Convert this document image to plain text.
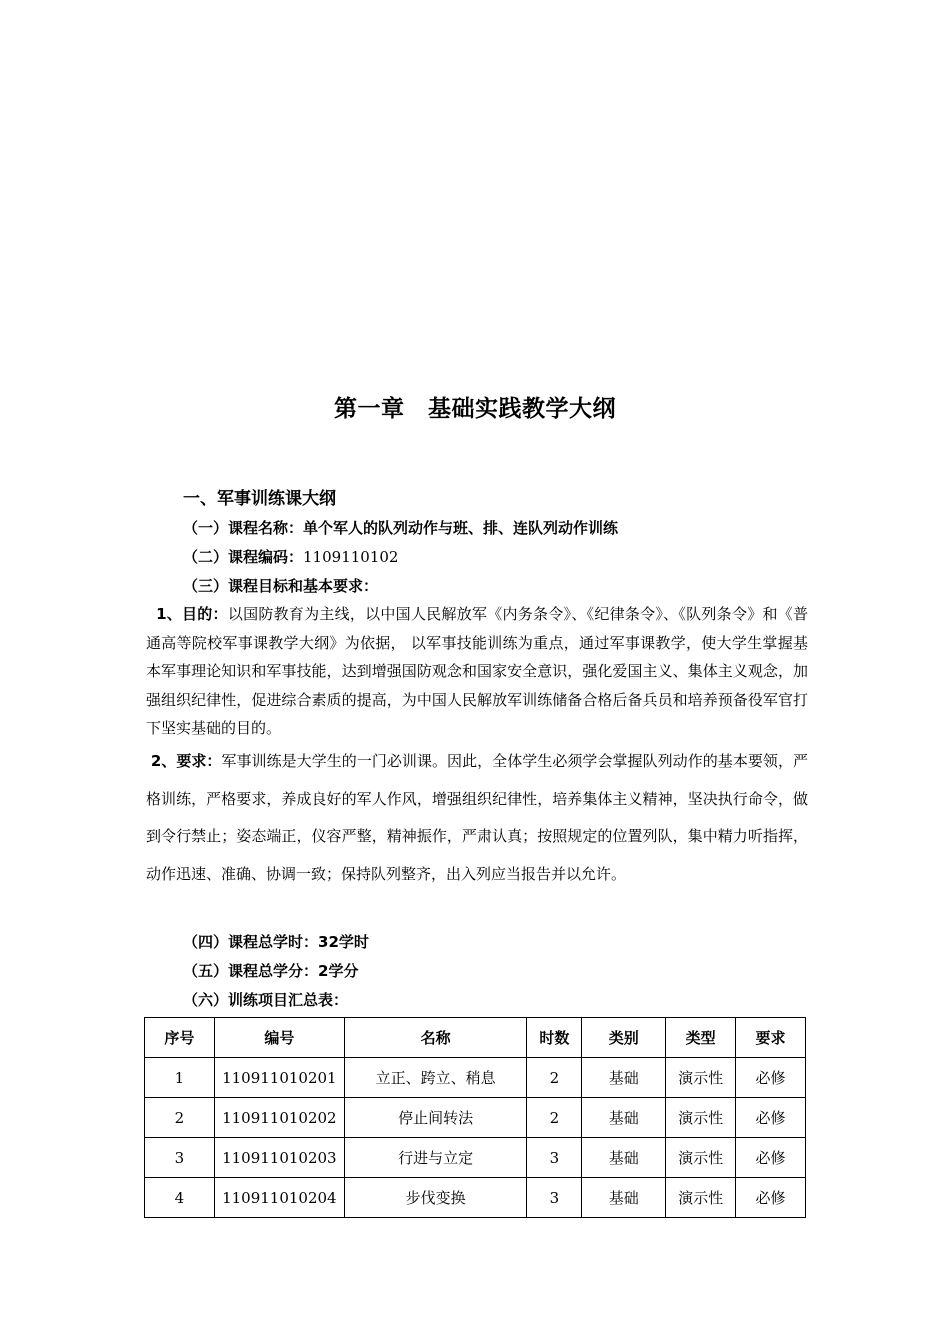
第一章　基础实践教学大纲
一、军事训练课大纲
（一）课程名称：单个军人的队列动作与班、排、连队列动作训练
（二）课程编码：1109110102
（三）课程目标和基本要求：
1、目的：以国防教育为主线，以中国人民解放军《内务条令》、《纪律条令》、《队列条令》和《普通高等院校军事课教学大纲》为依据， 以军事技能训练为重点，通过军事课教学，使大学生掌握基本军事理论知识和军事技能，达到增强国防观念和国家安全意识，强化爱国主义、集体主义观念，加强组织纪律性，促进综合素质的提高，为中国人民解放军训练储备合格后备兵员和培养预备役军官打下坚实基础的目的。
2、要求：军事训练是大学生的一门必训课。因此，全体学生必须学会掌握队列动作的基本要领，严格训练，严格要求，养成良好的军人作风，增强组织纪律性，培养集体主义精神，坚决执行命令，做到令行禁止；姿态端正，仪容严整，精神振作，严肃认真；按照规定的位置列队，集中精力听指挥，动作迅速、准确、协调一致；保持队列整齐，出入列应当报告并以允许。
（四）课程总学时：32学时
（五）课程总学分：2学分
（六）训练项目汇总表：
序号	编号	名称	时数	类别	类型	要求
1	110911010201	立正、跨立、稍息	2	基础	演示性	必修
2	110911010202	停止间转法	2	基础	演示性	必修
3	110911010203	行进与立定	3	基础	演示性	必修
4	110911010204	步伐变换	3	基础	演示性	必修
